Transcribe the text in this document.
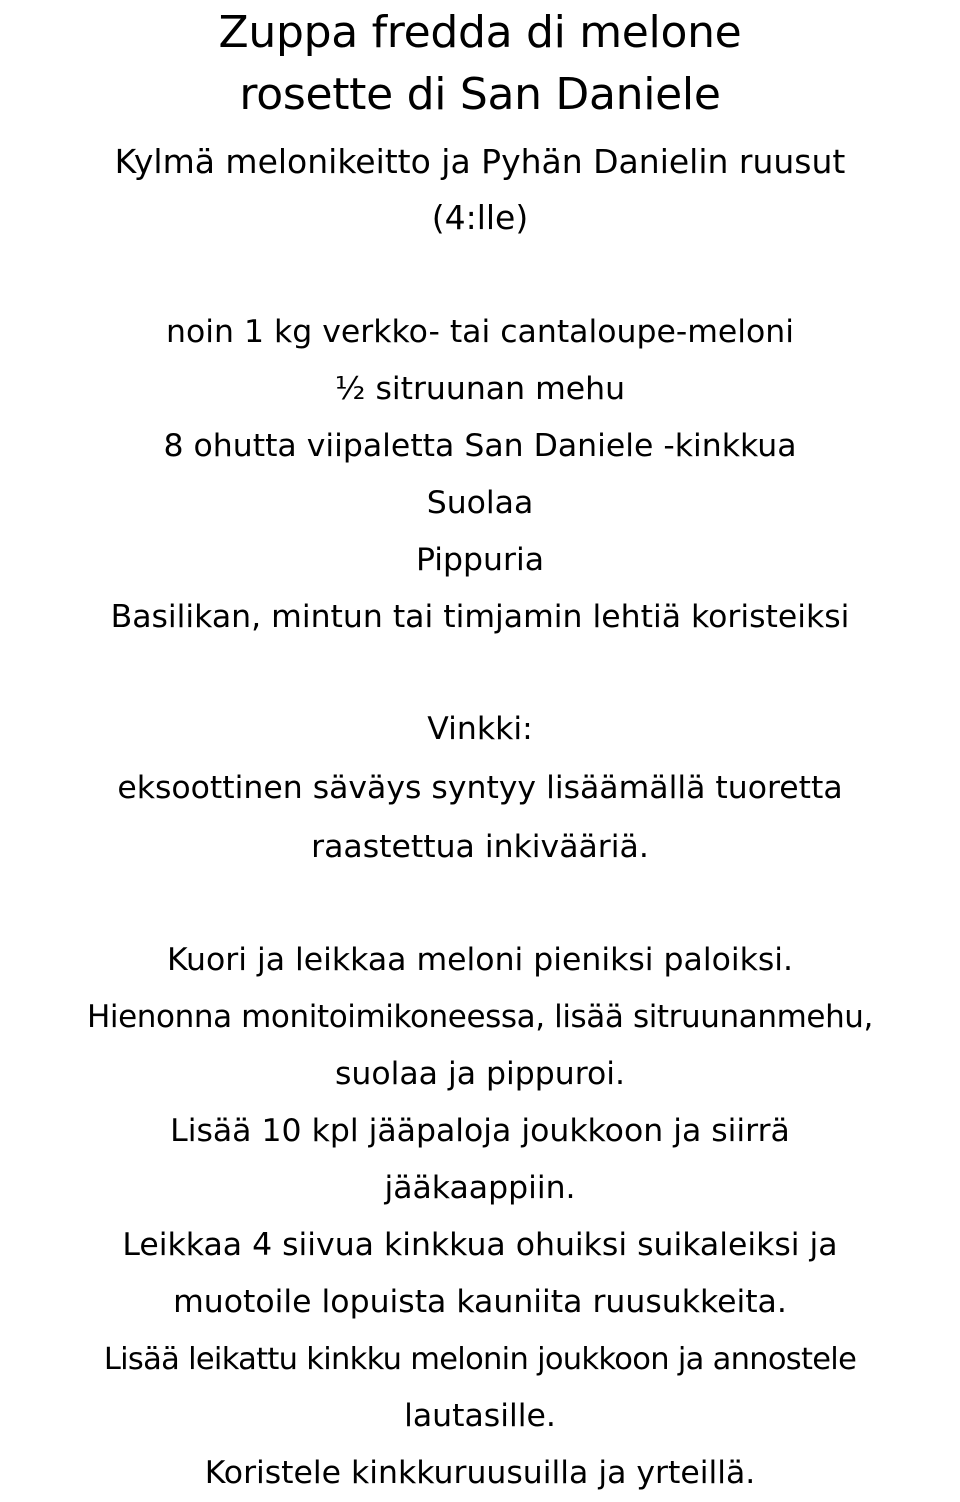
Zuppa fredda di melone
rosette di San Daniele
Kylmä melonikeitto ja Pyhän Danielin ruusut
(4:lle)
noin 1 kg verkko- tai cantaloupe-meloni
½ sitruunan mehu
8 ohutta viipaletta San Daniele -kinkkua
Suolaa
Pippuria
Basilikan, mintun tai timjamin lehtiä koristeiksi
Vinkki:
eksoottinen säväys syntyy lisäämällä tuoretta
raastettua inkivääriä.
Kuori ja leikkaa meloni pieniksi paloiksi.
Hienonna monitoimikoneessa, lisää sitruunanmehu,
suolaa ja pippuroi.
Lisää 10 kpl jääpaloja joukkoon ja siirrä
jääkaappiin.
Leikkaa 4 siivua kinkkua ohuiksi suikaleiksi ja
muotoile lopuista kauniita ruusukkeita.
Lisää leikattu kinkku melonin joukkoon ja annostele
lautasille.
Koristele kinkkuruusuilla ja yrteillä.
